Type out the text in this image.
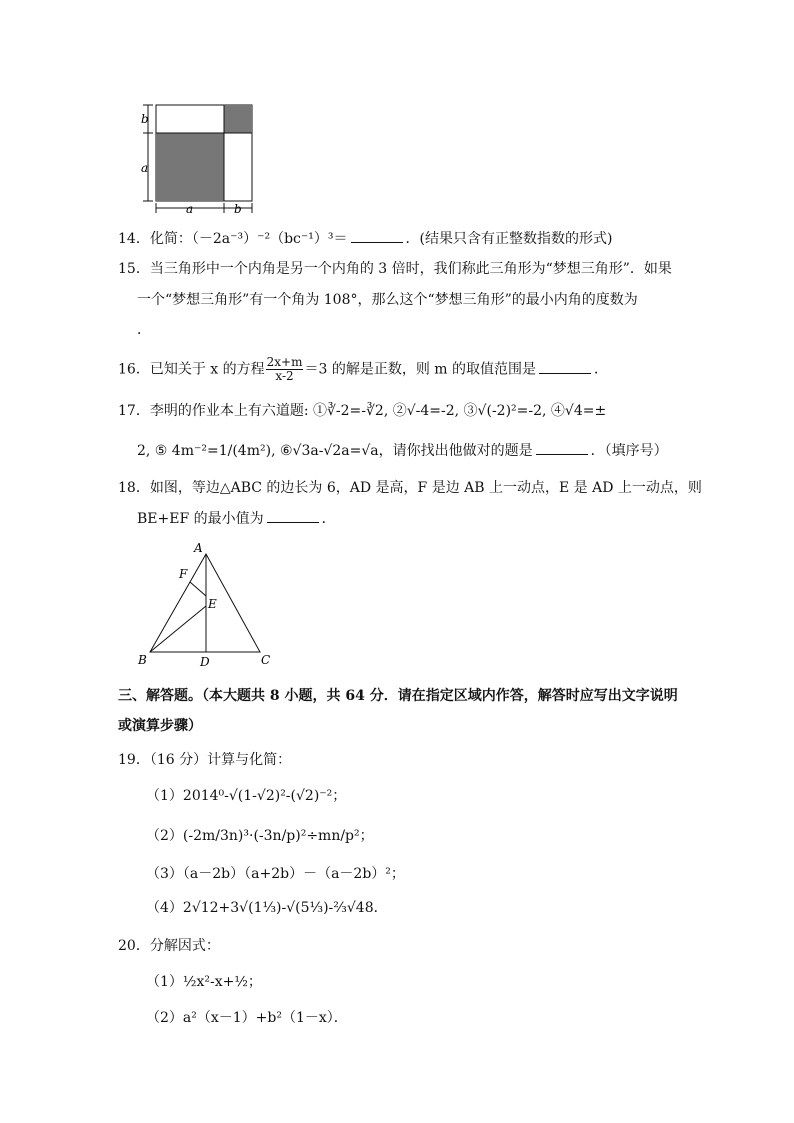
b
a
a	b
14．化简：（－2a⁻³）⁻²（bc⁻¹）³＝	．(结果只含有正整数指数的形式)
15．当三角形中一个内角是另一个内角的 3 倍时，我们称此三角形为“梦想三角形”．如果
一个“梦想三角形”有一个角为 108°，那么这个“梦想三角形”的最小内角的度数为
．
16．已知关于 x 的方程 $\frac{2x+m}{x-2} =3$ 的解是正数，则 m 的取值范围是	．
17．李明的作业本上有六道题: ①∛-2=-∛2, ②√-4=-2, ③√(-2)²=-2, ④√4=±
2, ⑤ 4m⁻²=1/(4m²), ⑥√3a-√2a=√a，请你找出他做对的题是	．（填序号）
18．如图，等边△ABC 的边长为 6，AD 是高，F 是边 AB 上一动点，E 是 AD 上一动点，则
BE+EF 的最小值为	．
A
F
E
B	D	C
三、解答题。（本大题共 8 小题，共 64 分．请在指定区域内作答，解答时应写出文字说明
或演算步骤）
19．（16 分）计算与化简：
（1）2014⁰-√(1-√2)²-(√2)⁻²；
（2）(-2m/3n)³·(-3n/p)²÷mn/p²；
（3）（a－2b）（a+2b）－（a－2b）²；
（4）2√12+3√(1⅓)-√(5⅓)-⅔√48．
20．分解因式：
（1）½x²-x+½；
（2）a²（x－1）+b²（1－x）．
